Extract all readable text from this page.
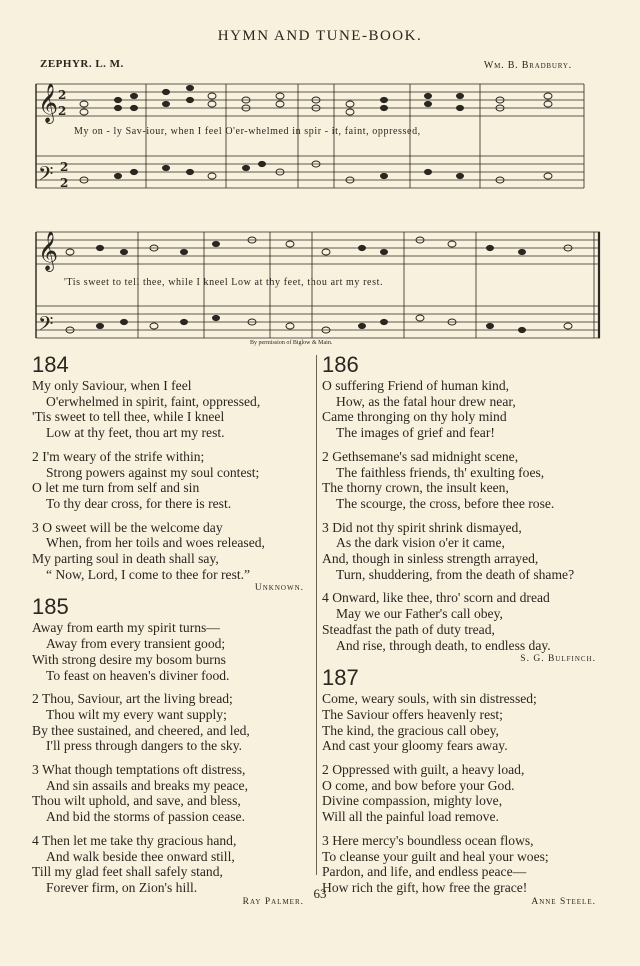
HYMN AND TUNE-BOOK.
ZEPHYR. L. M.	Wm. B. Bradbury.
𝄞
𝄢
𝄞
𝄢
2
2
2
2
My on - ly Sav-iour, when I feel O'er-whelmed in spir - it, faint, oppressed,
'Tis sweet to tell thee, while I kneel Low at thy feet, thou art my rest.
By permission of Biglow & Main.
184
My only Saviour, when I feel
O'erwhelmed in spirit, faint, oppressed,
'Tis sweet to tell thee, while I kneel
Low at thy feet, thou art my rest.
2 I'm weary of the strife within;
Strong powers against my soul contest;
O let me turn from self and sin
To thy dear cross, for there is rest.
3 O sweet will be the welcome day
When, from her toils and woes released,
My parting soul in death shall say,
“ Now, Lord, I come to thee for rest.”
Unknown.
185
Away from earth my spirit turns—
Away from every transient good;
With strong desire my bosom burns
To feast on heaven's diviner food.
2 Thou, Saviour, art the living bread;
Thou wilt my every want supply;
By thee sustained, and cheered, and led,
I'll press through dangers to the sky.
3 What though temptations oft distress,
And sin assails and breaks my peace,
Thou wilt uphold, and save, and bless,
And bid the storms of passion cease.
4 Then let me take thy gracious hand,
And walk beside thee onward still,
Till my glad feet shall safely stand,
Forever firm, on Zion's hill.
Ray Palmer.
186
O suffering Friend of human kind,
How, as the fatal hour drew near,
Came thronging on thy holy mind
The images of grief and fear!
2 Gethsemane's sad midnight scene,
The faithless friends, th' exulting foes,
The thorny crown, the insult keen,
The scourge, the cross, before thee rose.
3 Did not thy spirit shrink dismayed,
As the dark vision o'er it came,
And, though in sinless strength arrayed,
Turn, shuddering, from the death of shame?
4 Onward, like thee, thro' scorn and dread
May we our Father's call obey,
Steadfast the path of duty tread,
And rise, through death, to endless day.
S. G. Bulfinch.
187
Come, weary souls, with sin distressed;
The Saviour offers heavenly rest;
The kind, the gracious call obey,
And cast your gloomy fears away.
2 Oppressed with guilt, a heavy load,
O come, and bow before your God.
Divine compassion, mighty love,
Will all the painful load remove.
3 Here mercy's boundless ocean flows,
To cleanse your guilt and heal your woes;
Pardon, and life, and endless peace—
How rich the gift, how free the grace!
Anne Steele.
63
